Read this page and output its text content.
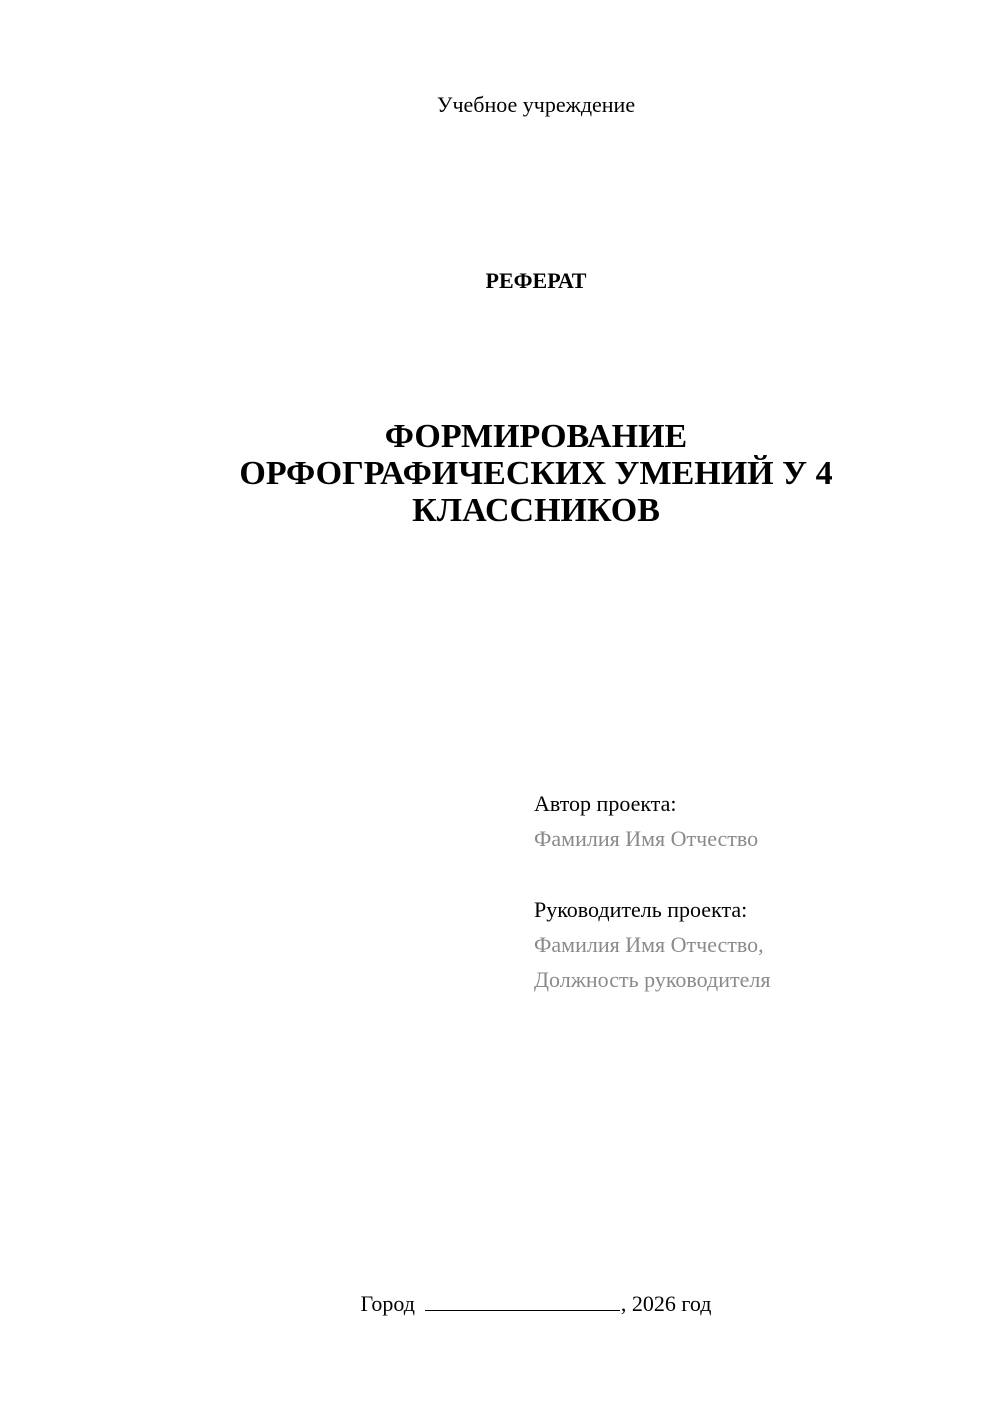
Учебное учреждение
РЕФЕРАТ
ФОРМИРОВАНИЕ
ОРФОГРАФИЧЕСКИХ УМЕНИЙ У 4
КЛАССНИКОВ
Автор проекта:
Фамилия Имя Отчество
Руководитель проекта:
Фамилия Имя Отчество,
Должность руководителя
Город	, 2026 год
